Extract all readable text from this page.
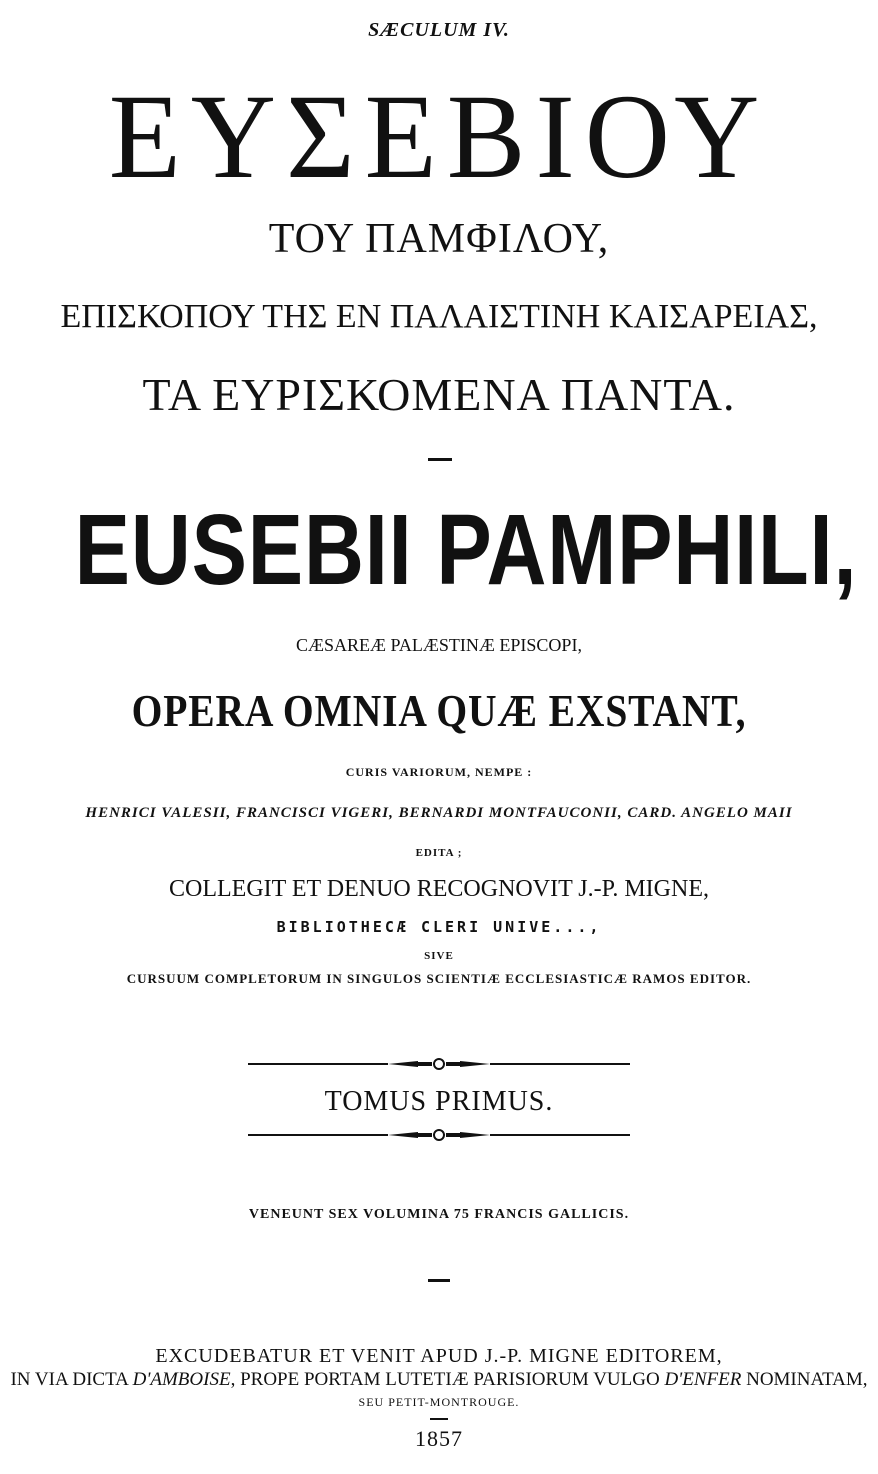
SÆCULUM IV.
ΕΥΣΕΒΙΟΥ
ΤΟΥ ΠΑΜΦΙΛΟΥ,
ΕΠΙΣΚΟΠΟΥ ΤΗΣ ΕΝ ΠΑΛΑΙΣΤΙΝΗ ΚΑΙΣΑΡΕΙΑΣ,
ΤΑ ΕΥΡΙΣΚΟΜΕΝΑ ΠΑΝΤΑ.
EUSEBII PAMPHILI,
CÆSAREÆ PALÆSTINÆ EPISCOPI,
OPERA OMNIA QUÆ EXSTANT,
CURIS VARIORUM, NEMPE :
HENRICI VALESII, FRANCISCI VIGERI, BERNARDI MONTFAUCONII, CARD. ANGELO MAII
EDITA ;
COLLEGIT ET DENUO RECOGNOVIT J.-P. MIGNE,
BIBLIOTHECÆ CLERI UNIVE...,
SIVE
CURSUUM COMPLETORUM IN SINGULOS SCIENTIÆ ECCLESIASTICÆ RAMOS EDITOR.
TOMUS PRIMUS.
VENEUNT SEX VOLUMINA 75 FRANCIS GALLICIS.
EXCUDEBATUR ET VENIT APUD J.-P. MIGNE EDITOREM,
IN VIA DICTA D'AMBOISE, PROPE PORTAM LUTETIÆ PARISIORUM VULGO D'ENFER NOMINATAM,
SEU PETIT-MONTROUGE.
1857
